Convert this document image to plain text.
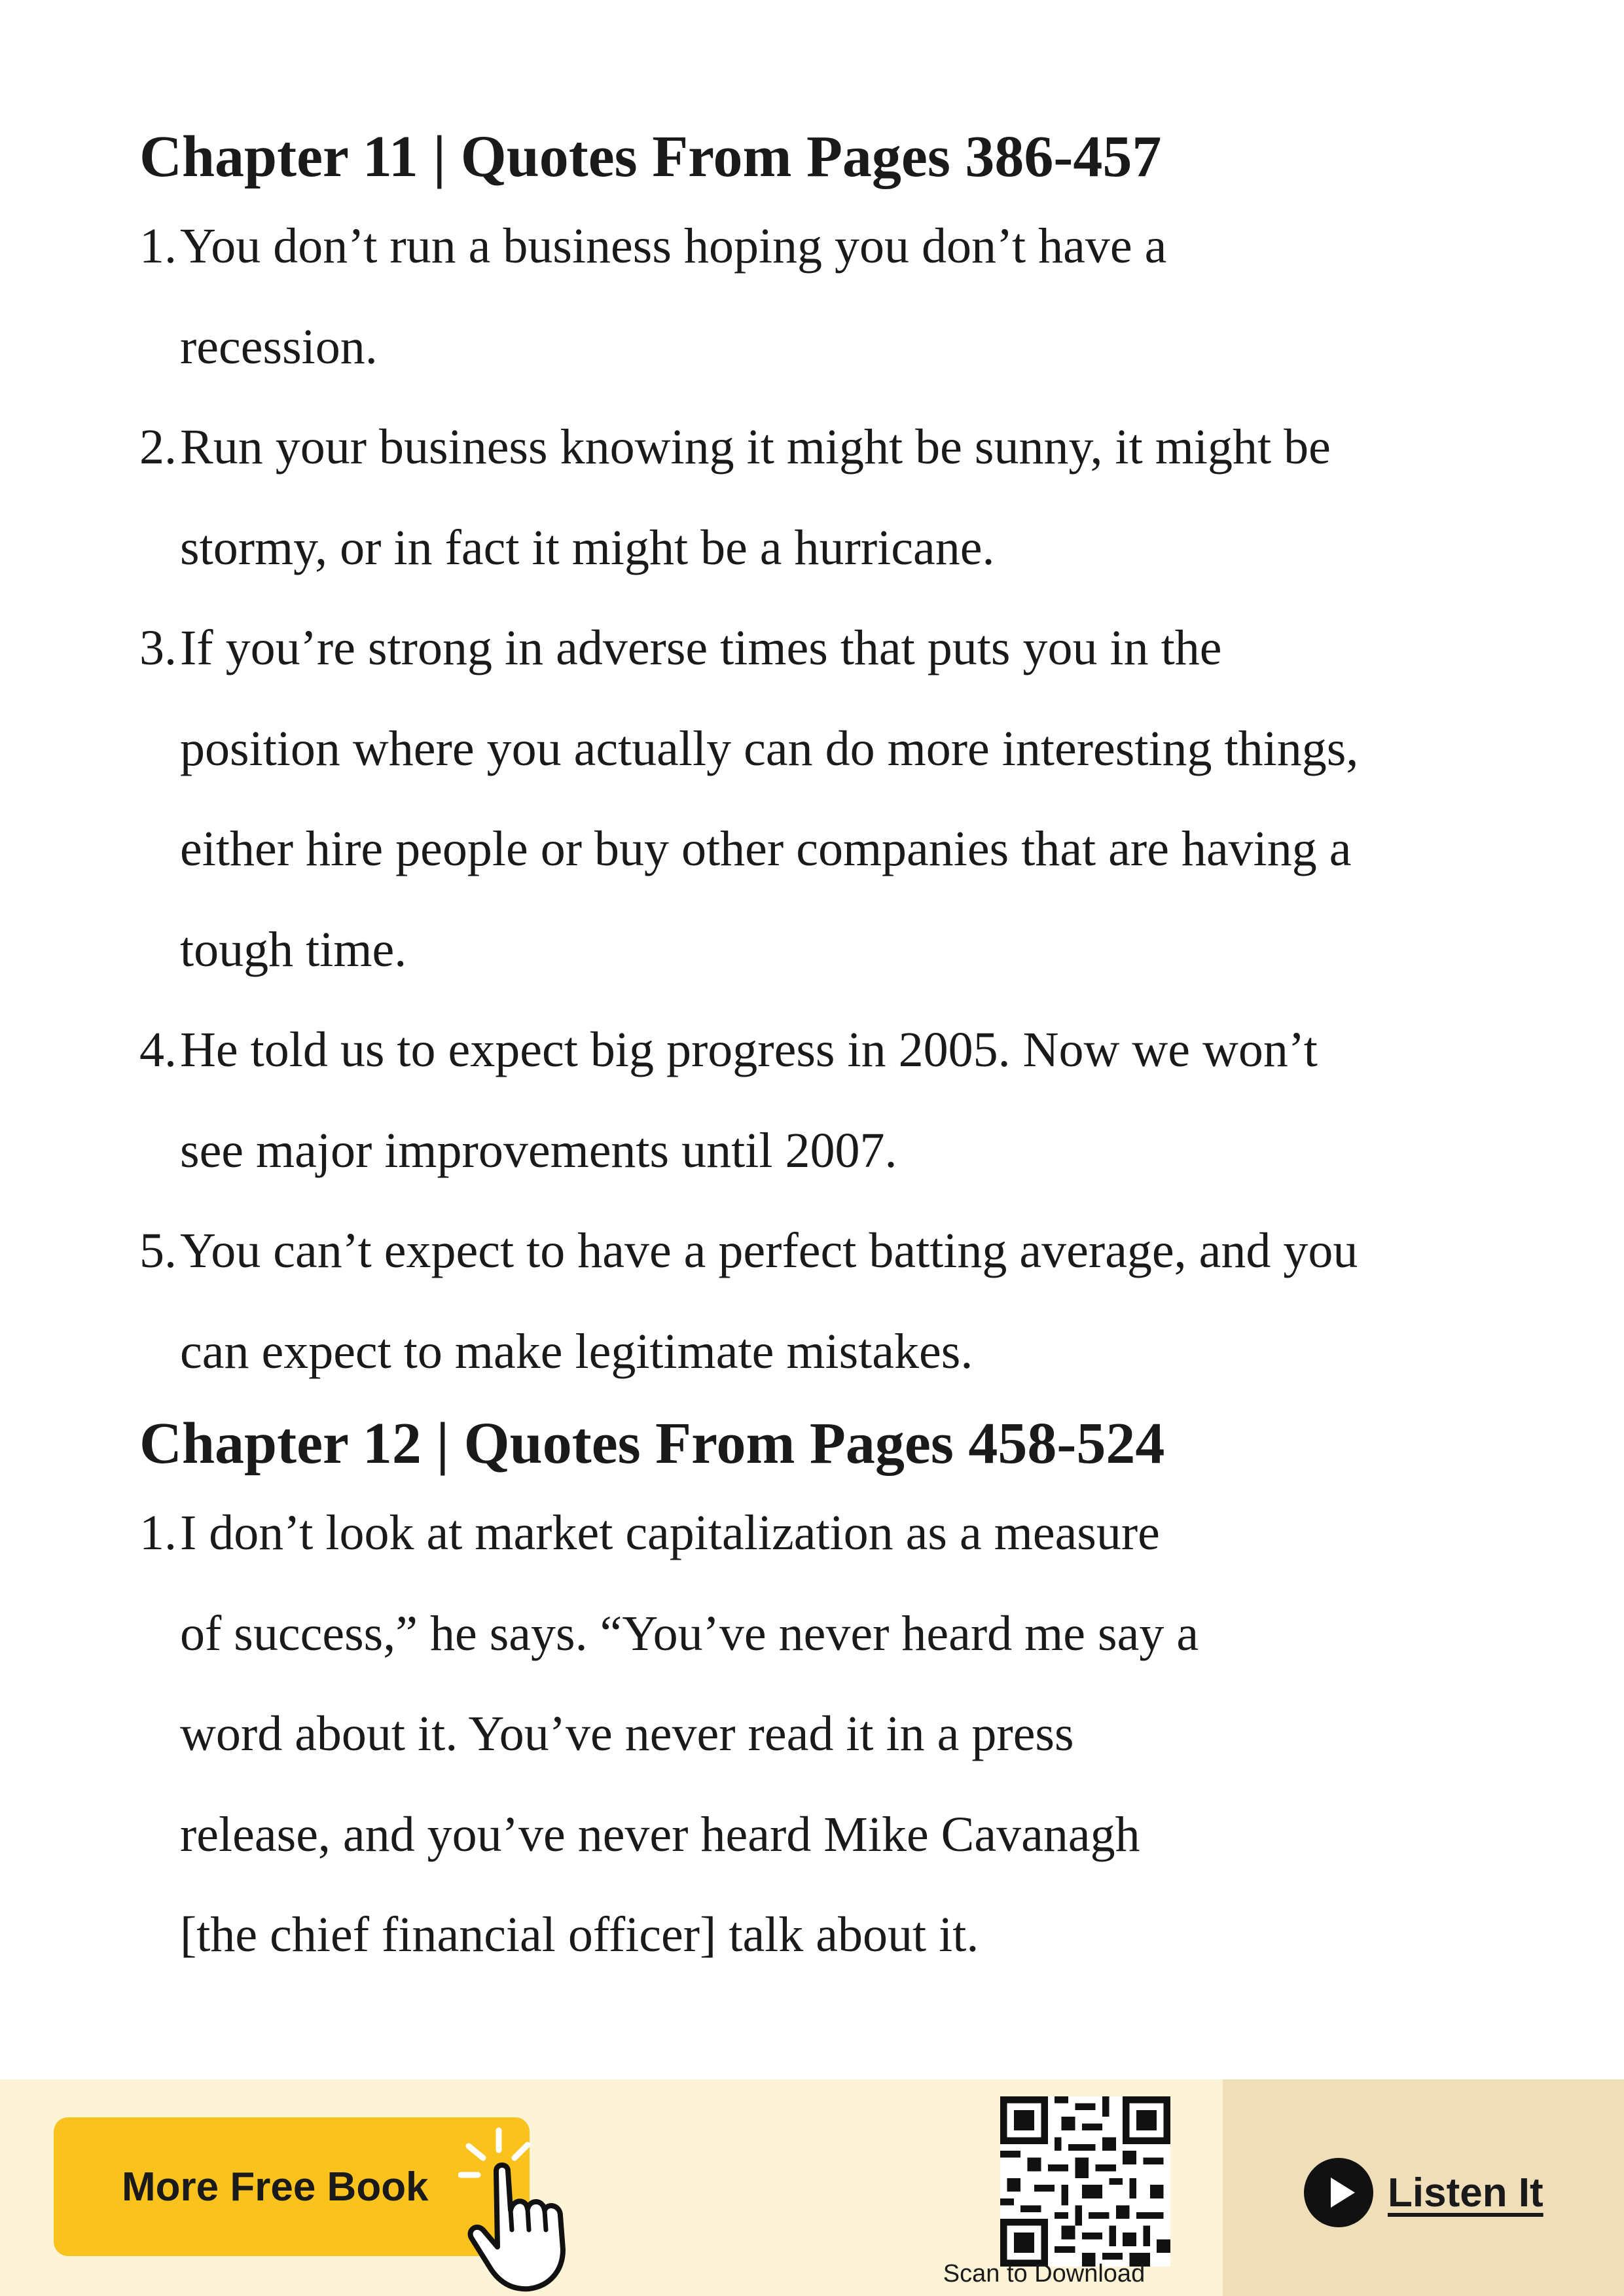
Chapter 11 | Quotes From Pages 386-457
1. You don’t run a business hoping you don’t have a
recession.
2. Run your business knowing it might be sunny, it might be
stormy, or in fact it might be a hurricane.
3. If you’re strong in adverse times that puts you in the
position where you actually can do more interesting things,
either hire people or buy other companies that are having a
tough time.
4. He told us to expect big progress in 2005. Now we won’t
see major improvements until 2007.
5. You can’t expect to have a perfect batting average, and you
can expect to make legitimate mistakes.
Chapter 12 | Quotes From Pages 458-524
1. I don’t look at market capitalization as a measure
of success,” he says. “You’ve never heard me say a
word about it. You’ve never read it in a press
release, and you’ve never heard Mike Cavanagh
[the chief financial officer] talk about it.
More Free Book
Scan to Download
Listen It
